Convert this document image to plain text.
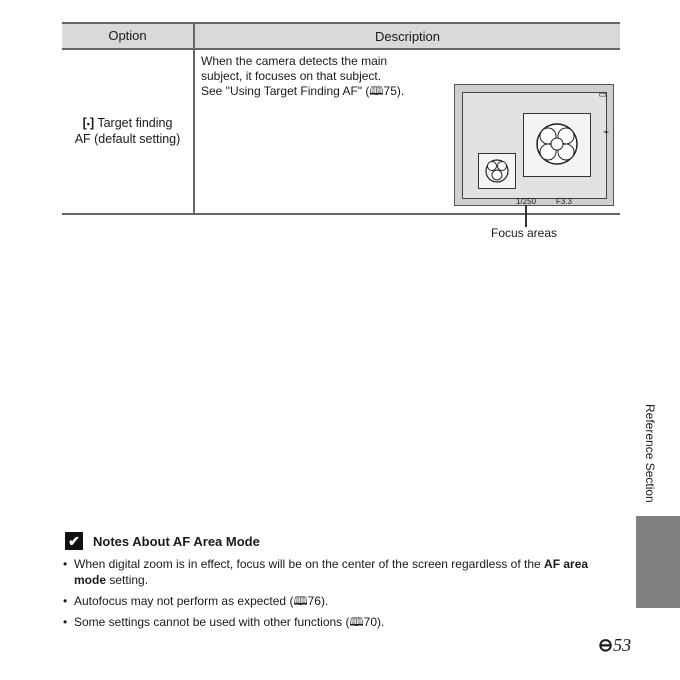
Option	Description
[▪] Target finding
AF (default setting)
When the camera detects the main
subject, it focuses on that subject.
See "Using Target Finding AF" (🕮75).
1/250 F3.3
▭
⌁
Focus areas
Reference Section
✔ Notes About AF Area Mode
• When digital zoom is in effect, focus will be on the center of the screen regardless of the AF area mode setting.
• Autofocus may not perform as expected (🕮76).
• Some settings cannot be used with other functions (🕮70).
⊖53
